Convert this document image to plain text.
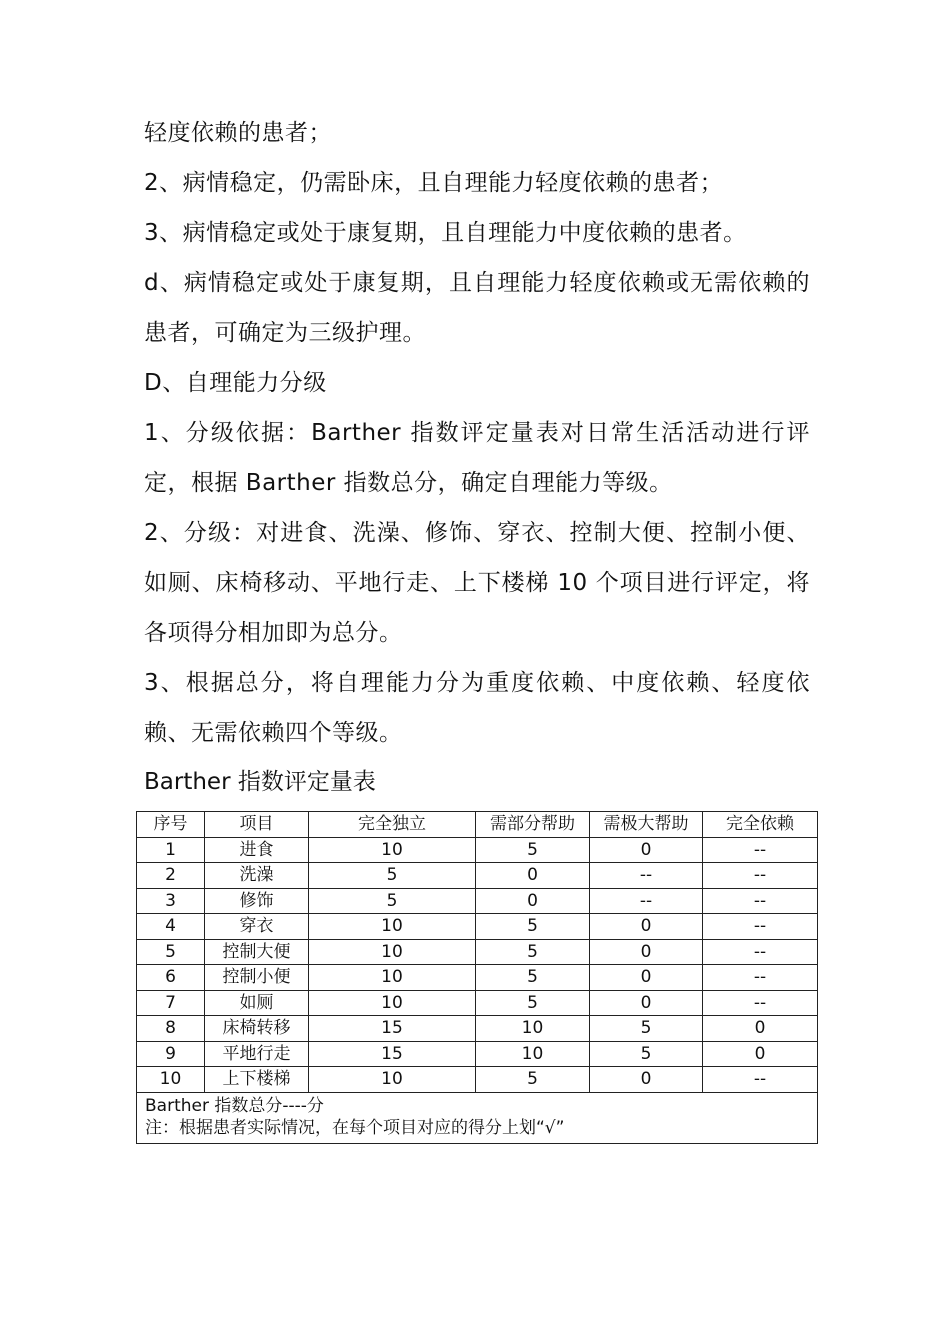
轻度依赖的患者；

2、病情稳定，仍需卧床，且自理能力轻度依赖的患者；

3、病情稳定或处于康复期，且自理能力中度依赖的患者。

d、病情稳定或处于康复期，且自理能力轻度依赖或无需依赖的患者，可确定为三级护理。

D、自理能力分级

1、分级依据：Barther 指数评定量表对日常生活活动进行评定，根据 Barther 指数总分，确定自理能力等级。

2、分级：对进食、洗澡、修饰、穿衣、控制大便、控制小便、如厕、床椅移动、平地行走、上下楼梯 10 个项目进行评定，将各项得分相加即为总分。

3、根据总分，将自理能力分为重度依赖、中度依赖、轻度依赖、无需依赖四个等级。

Barther 指数评定量表

序号	项目	完全独立	需部分帮助	需极大帮助	完全依赖
1	进食	10	5	0	--
2	洗澡	5	0	--	--
3	修饰	5	0	--	--
4	穿衣	10	5	0	--
5	控制大便	10	5	0	--
6	控制小便	10	5	0	--
7	如厕	10	5	0	--
8	床椅转移	15	10	5	0
9	平地行走	15	10	5	0
10	上下楼梯	10	5	0	--

Barther 指数总分----分
注：根据患者实际情况，在每个项目对应的得分上划“√”					
